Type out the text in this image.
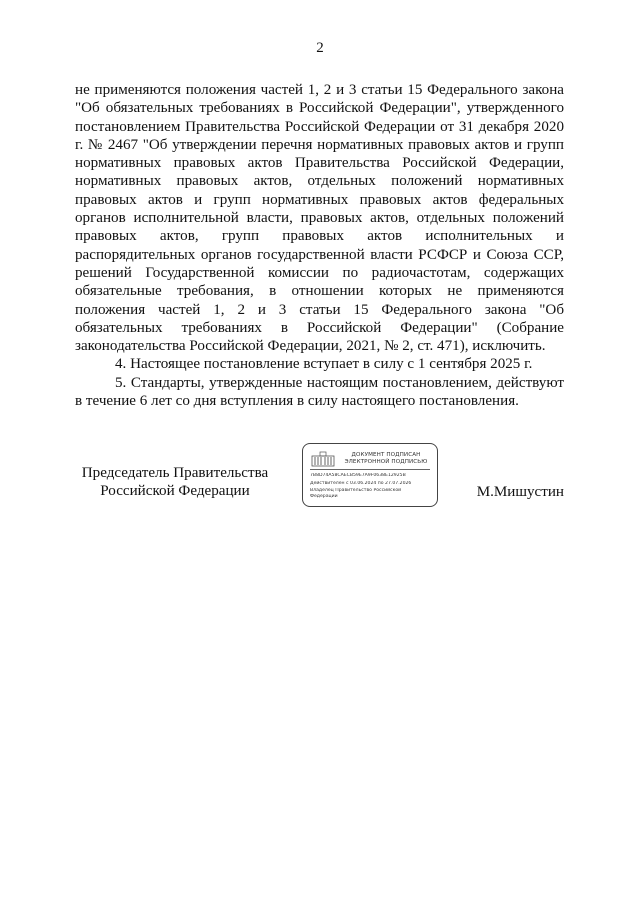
2

не применяются положения частей 1, 2 и 3 статьи 15 Федерального закона "Об обязательных требованиях в Российской Федерации", утвержденного постановлением Правительства Российской Федерации от 31 декабря 2020 г. № 2467 "Об утверждении перечня нормативных правовых актов и групп нормативных правовых актов Правительства Российской Федерации, нормативных правовых актов, отдельных положений нормативных правовых актов и групп нормативных правовых актов федеральных органов исполнительной власти, правовых актов, отдельных положений правовых актов, групп правовых актов исполнительных и распорядительных органов государственной власти РСФСР и Союза ССР, решений Государственной комиссии по радиочастотам, содержащих обязательные требования, в отношении которых не применяются положения частей 1, 2 и 3 статьи 15 Федерального закона "Об обязательных требованиях в Российской Федерации" (Собрание законодательства Российской Федерации, 2021, № 2, ст. 471), исключить.

4. Настоящее постановление вступает в силу с 1 сентября 2025 г.

5. Стандарты, утвержденные настоящим постановлением, действуют в течение 6 лет со дня вступления в силу настоящего постановления.

Председатель Правительства
Российской Федерации	М.Мишустин
ДОКУМЕНТ ПОДПИСАН
ЭЛЕКТРОННОЙ ПОДПИСЬЮ
7B8D74A58CAECB59E7A9F0638E12925B
Действителен с 03.06.2024 по 27.07.2026
Владелец Правительство Российской
Федерации
